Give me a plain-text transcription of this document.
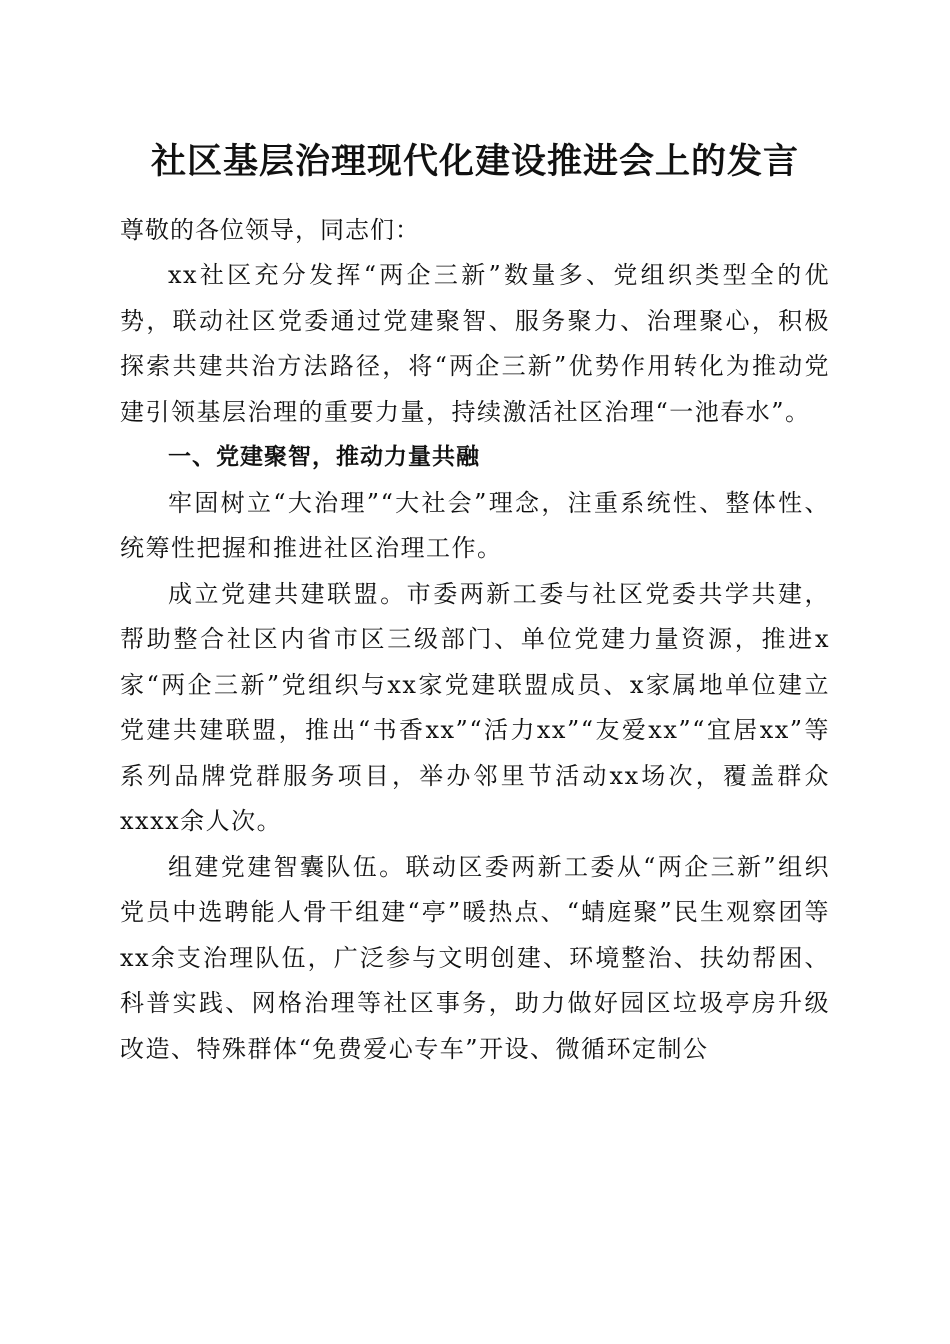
社区基层治理现代化建设推进会上的发言

尊敬的各位领导，同志们：

xx社区充分发挥“两企三新”数量多、党组织类型全的优势，联动社区党委通过党建聚智、服务聚力、治理聚心，积极探索共建共治方法路径，将“两企三新”优势作用转化为推动党建引领基层治理的重要力量，持续激活社区治理“一池春水”。

一、党建聚智，推动力量共融

牢固树立“大治理”“大社会”理念，注重系统性、整体性、统筹性把握和推进社区治理工作。

成立党建共建联盟。市委两新工委与社区党委共学共建，帮助整合社区内省市区三级部门、单位党建力量资源，推进x家“两企三新”党组织与xx家党建联盟成员、x家属地单位建立党建共建联盟，推出“书香xx”“活力xx”“友爱xx”“宜居xx”等系列品牌党群服务项目，举办邻里节活动xx场次，覆盖群众xxxx余人次。

组建党建智囊队伍。联动区委两新工委从“两企三新”组织党员中选聘能人骨干组建“亭”暖热点、“蜻庭聚”民生观察团等xx余支治理队伍，广泛参与文明创建、环境整治、扶幼帮困、科普实践、网格治理等社区事务，助力做好园区垃圾亭房升级改造、特殊群体“免费爱心专车”开设、微循环定制公
